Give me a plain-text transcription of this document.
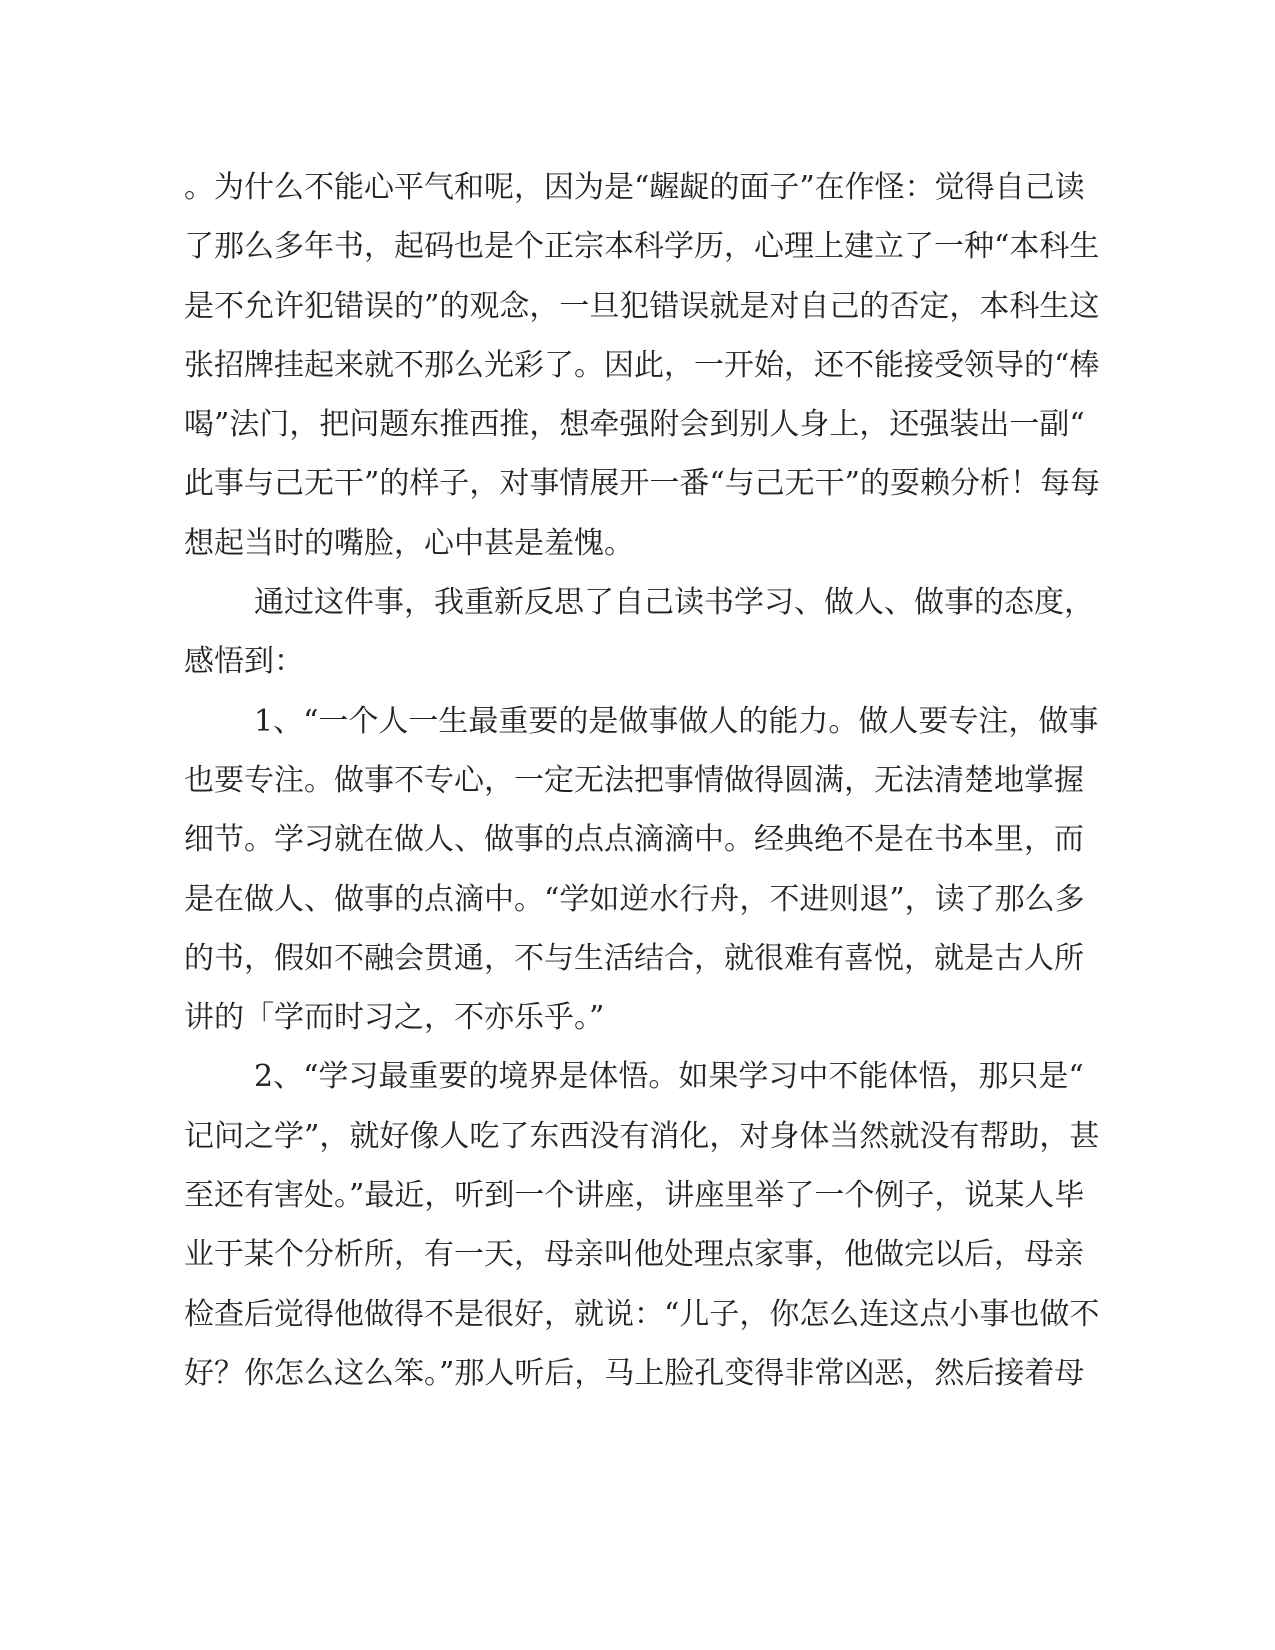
。为什么不能心平气和呢，因为是“龌龊的面子”在作怪：觉得自己读
了那么多年书，起码也是个正宗本科学历，心理上建立了一种“本科生
是不允许犯错误的”的观念，一旦犯错误就是对自己的否定，本科生这
张招牌挂起来就不那么光彩了。因此，一开始，还不能接受领导的“棒
喝”法门，把问题东推西推，想牵强附会到别人身上，还强装出一副“
此事与己无干”的样子，对事情展开一番“与己无干”的耍赖分析！每每
想起当时的嘴脸，心中甚是羞愧。
通过这件事，我重新反思了自己读书学习、做人、做事的态度，
感悟到：
1、“一个人一生最重要的是做事做人的能力。做人要专注，做事
也要专注。做事不专心，一定无法把事情做得圆满，无法清楚地掌握
细节。学习就在做人、做事的点点滴滴中。经典绝不是在书本里，而
是在做人、做事的点滴中。“学如逆水行舟，不进则退”，读了那么多
的书，假如不融会贯通，不与生活结合，就很难有喜悦，就是古人所
讲的「学而时习之，不亦乐乎。”
2、“学习最重要的境界是体悟。如果学习中不能体悟，那只是“
记问之学”，就好像人吃了东西没有消化，对身体当然就没有帮助，甚
至还有害处。”最近，听到一个讲座，讲座里举了一个例子，说某人毕
业于某个分析所，有一天，母亲叫他处理点家事，他做完以后，母亲
检查后觉得他做得不是很好，就说：“儿子，你怎么连这点小事也做不
好？你怎么这么笨。”那人听后，马上脸孔变得非常凶恶，然后接着母
